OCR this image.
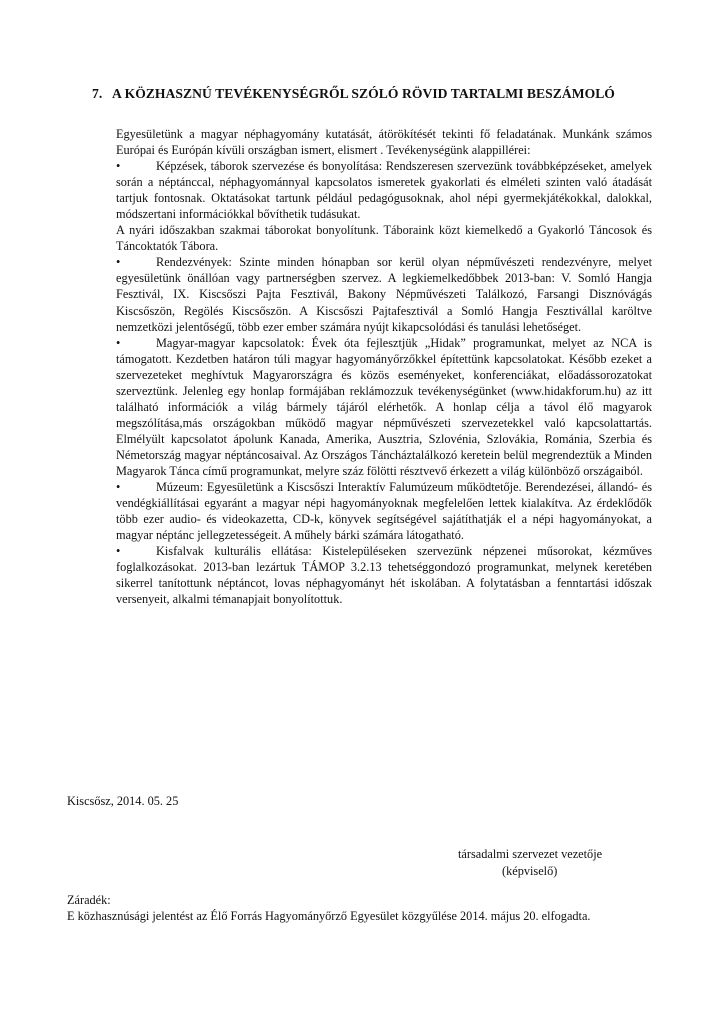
7. A KÖZHASZNÚ TEVÉKENYSÉGRŐL SZÓLÓ RÖVID TARTALMI BESZÁMOLÓ

Egyesületünk a magyar néphagyomány kutatását, átörökítését tekinti fő feladatának. Munkánk számos Európai és Európán kívüli országban ismert, elismert . Tevékenységünk alappillérei:

•	Képzések, táborok szervezése és bonyolítása: Rendszeresen szervezünk továbbképzéseket, amelyek során a néptánccal, néphagyománnyal kapcsolatos ismeretek gyakorlati és elméleti szinten való átadását tartjuk fontosnak. Oktatásokat tartunk például pedagógusoknak, ahol népi gyermekjátékokkal, dalokkal, módszertani információkkal bővíthetik tudásukat.

A nyári időszakban szakmai táborokat bonyolítunk. Táboraink közt kiemelkedő a Gyakorló Táncosok és Táncoktatók Tábora.

•	Rendezvények: Szinte minden hónapban sor kerül olyan népművészeti rendezvényre, melyet egyesületünk önállóan vagy partnerségben szervez. A legkiemelkedőbbek 2013-ban: V. Somló Hangja Fesztivál, IX. Kiscsőszi Pajta Fesztivál, Bakony Népművészeti Találkozó, Farsangi Disznóvágás Kiscsőszön, Regölés Kiscsőszön. A Kiscsőszi Pajtafesztivál a Somló Hangja Fesztivállal karöltve nemzetközi jelentőségű, több ezer ember számára nyújt kikapcsolódási és tanulási lehetőséget.

•	Magyar-magyar kapcsolatok: Évek óta fejlesztjük „Hidak” programunkat, melyet az NCA is támogatott. Kezdetben határon túli magyar hagyományőrzőkkel építettünk kapcsolatokat. Később ezeket a szervezeteket meghívtuk Magyarországra és közös eseményeket, konferenciákat, előadássorozatokat szerveztünk. Jelenleg egy honlap formájában reklámozzuk tevékenységünket (www.hidakforum.hu) az itt található információk a világ bármely tájáról elérhetők. A honlap célja a távol élő magyarok megszólítása,más országokban működő magyar népművészeti szervezetekkel való kapcsolattartás. Elmélyült kapcsolatot ápolunk Kanada, Amerika, Ausztria, Szlovénia, Szlovákia, Románia, Szerbia és Németország magyar néptáncosaival. Az Országos Táncháztalálkozó keretein belül megrendeztük a Minden Magyarok Tánca című programunkat, melyre száz fölötti résztvevő érkezett a világ különböző országaiból.

•	Múzeum: Egyesületünk a Kiscsőszi Interaktív Falumúzeum működtetője. Berendezései, állandó- és vendégkiállításai egyaránt a magyar népi hagyományoknak megfelelően lettek kialakítva. Az érdeklődők több ezer audio- és videokazetta, CD-k, könyvek segítségével sajátíthatják el a népi hagyományokat, a magyar néptánc jellegzetességeit. A műhely bárki számára látogatható.

•	Kisfalvak kulturális ellátása: Kistelepüléseken szervezünk népzenei műsorokat, kézműves foglalkozásokat. 2013-ban lezártuk TÁMOP 3.2.13 tehetséggondozó programunkat, melynek keretében sikerrel tanítottunk néptáncot, lovas néphagyományt hét iskolában. A folytatásban a fenntartási időszak versenyeit, alkalmi témanapjait bonyolítottuk.

Kiscsősz, 2014. 05. 25
társadalmi szervezet vezetője
(képviselő)

Záradék:

E közhasznúsági jelentést az Élő Forrás Hagyományőrző Egyesület közgyűlése 2014. május 20. elfogadta.
